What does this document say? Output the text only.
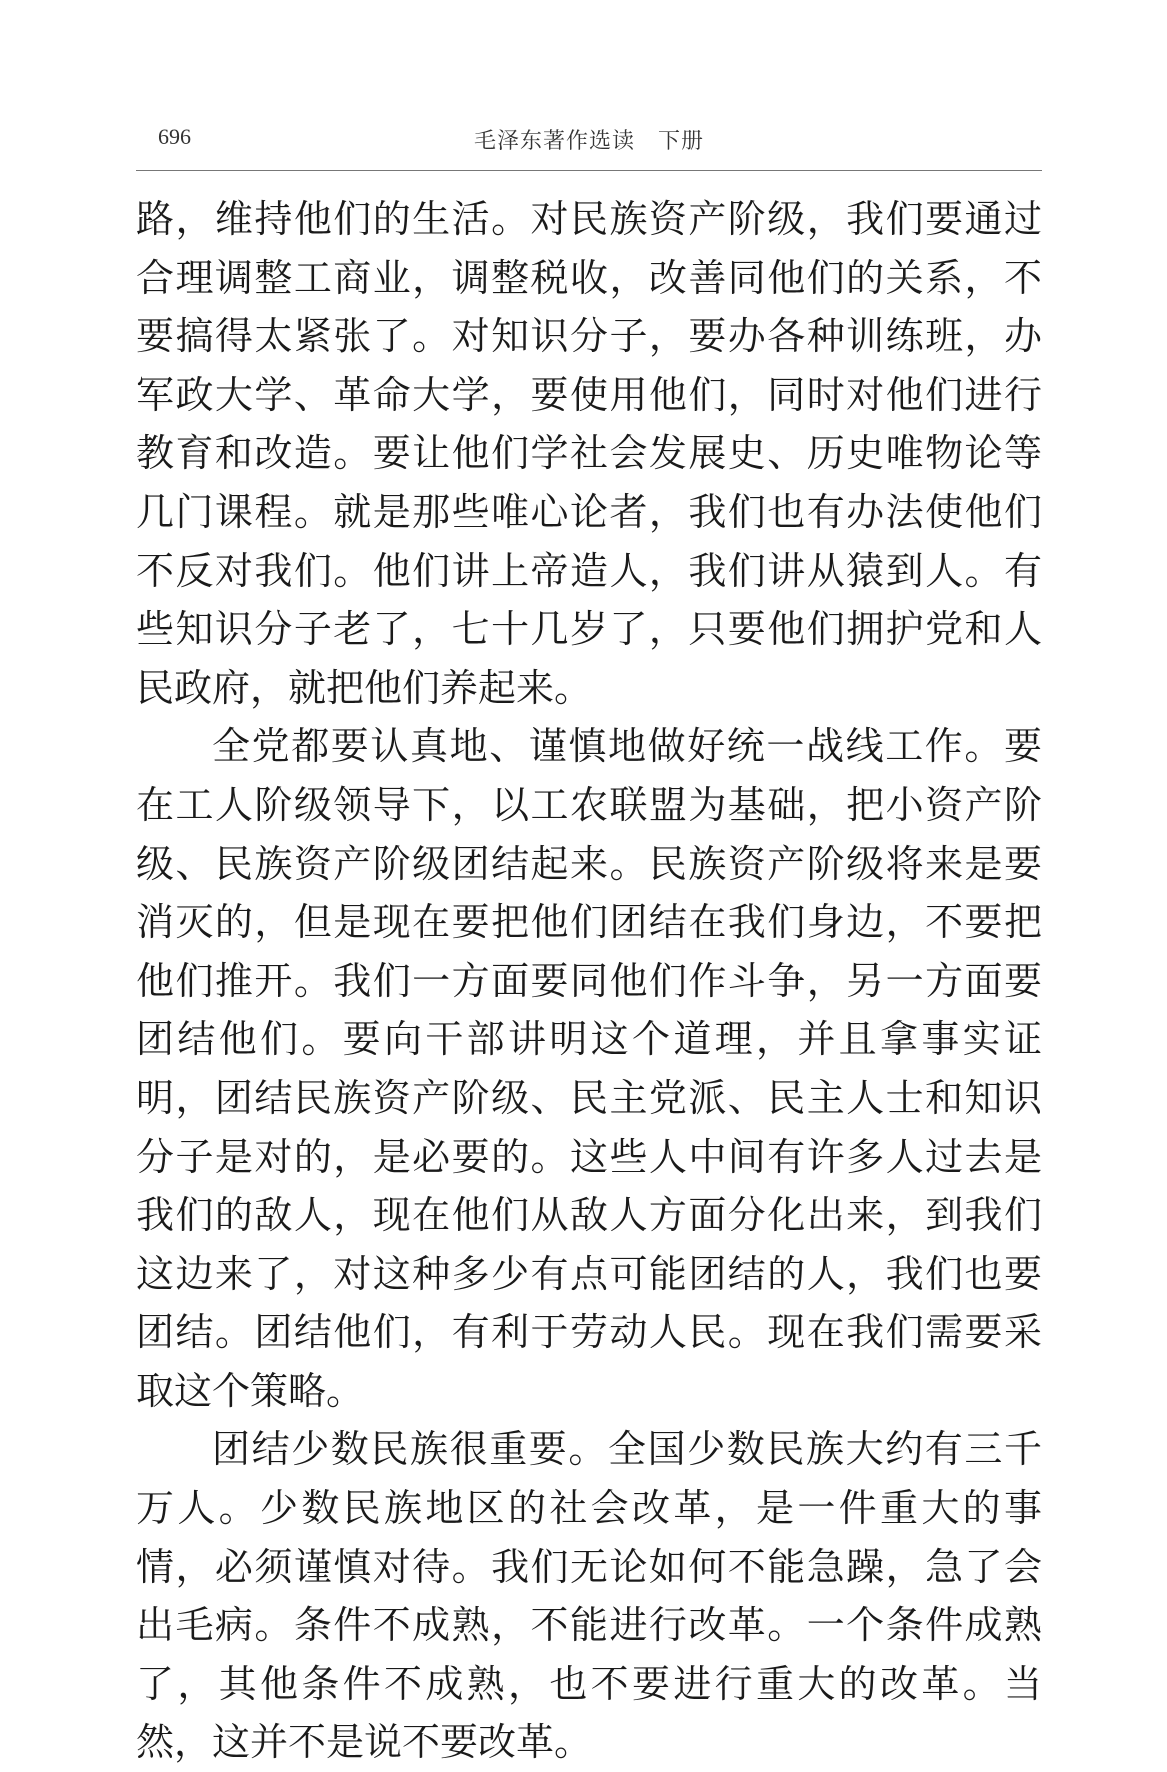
696	毛泽东著作选读　下册

路，维持他们的生活。对民族资产阶级，我们要通过合理调整工商业，调整税收，改善同他们的关系，不要搞得太紧张了。对知识分子，要办各种训练班，办军政大学、革命大学，要使用他们，同时对他们进行教育和改造。要让他们学社会发展史、历史唯物论等几门课程。就是那些唯心论者，我们也有办法使他们不反对我们。他们讲上帝造人，我们讲从猿到人。有些知识分子老了，七十几岁了，只要他们拥护党和人民政府，就把他们养起来。

全党都要认真地、谨慎地做好统一战线工作。要在工人阶级领导下，以工农联盟为基础，把小资产阶级、民族资产阶级团结起来。民族资产阶级将来是要消灭的，但是现在要把他们团结在我们身边，不要把他们推开。我们一方面要同他们作斗争，另一方面要团结他们。要向干部讲明这个道理，并且拿事实证明，团结民族资产阶级、民主党派、民主人士和知识分子是对的，是必要的。这些人中间有许多人过去是我们的敌人，现在他们从敌人方面分化出来，到我们这边来了，对这种多少有点可能团结的人，我们也要团结。团结他们，有利于劳动人民。现在我们需要采取这个策略。

团结少数民族很重要。全国少数民族大约有三千万人。少数民族地区的社会改革，是一件重大的事情，必须谨慎对待。我们无论如何不能急躁，急了会出毛病。条件不成熟，不能进行改革。一个条件成熟了，其他条件不成熟，也不要进行重大的改革。当然，这并不是说不要改革。
